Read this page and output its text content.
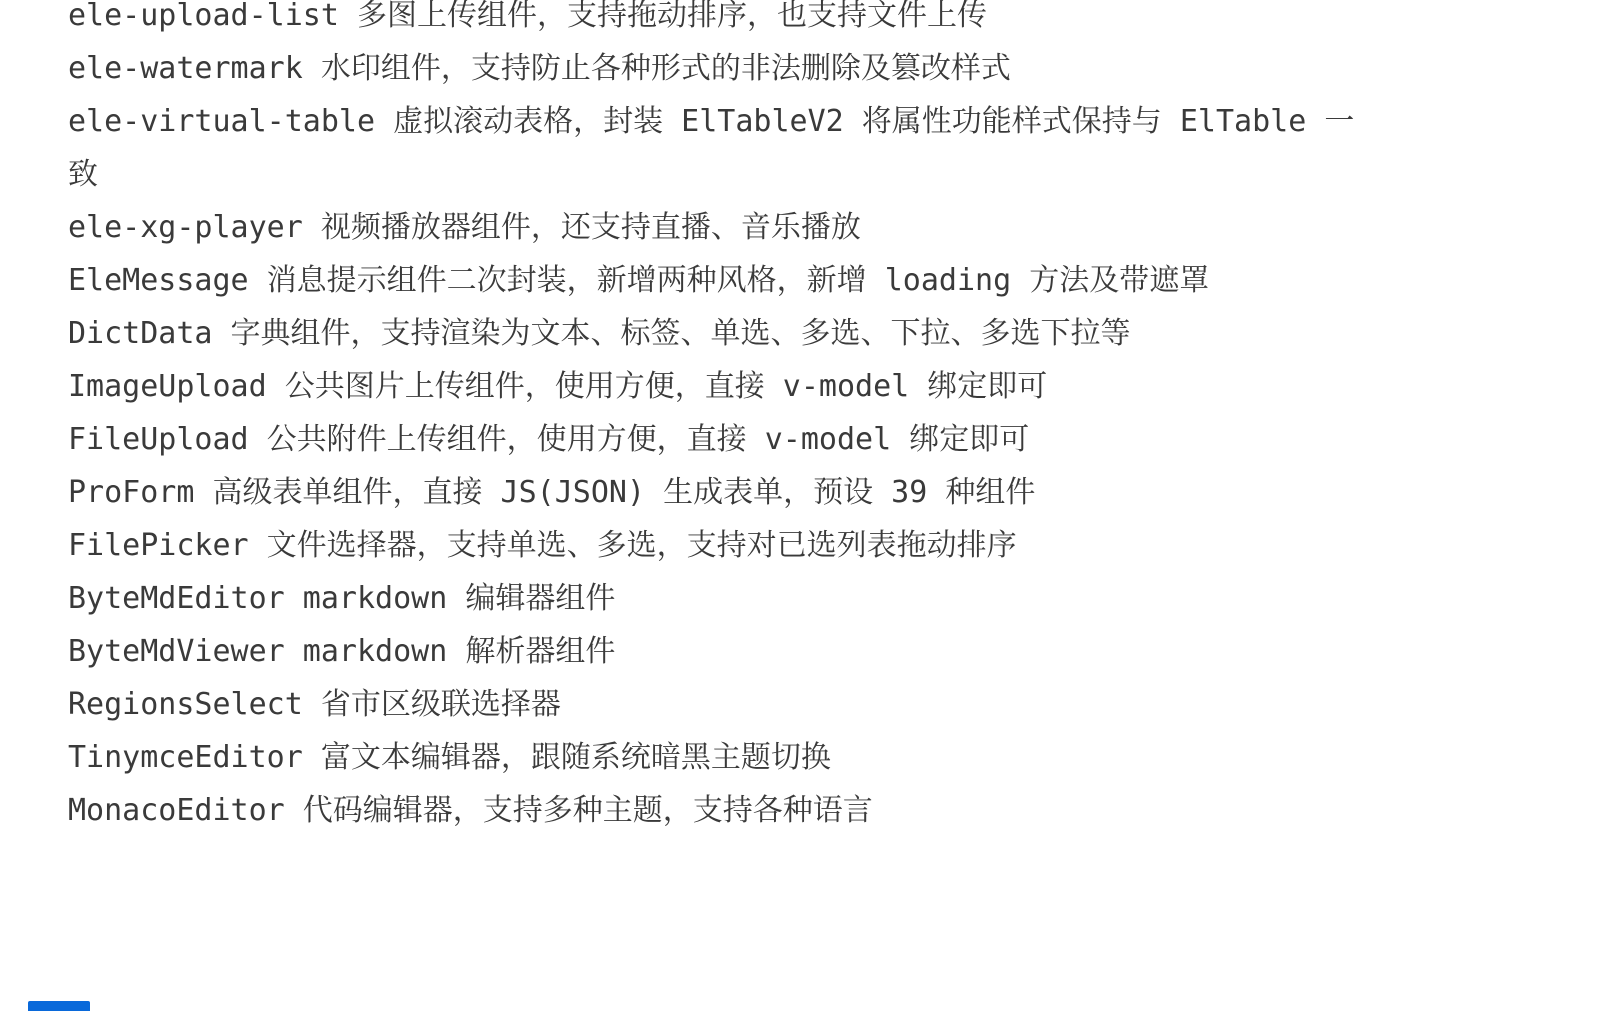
ele-upload-list 多图上传组件，支持拖动排序，也支持文件上传
ele-watermark 水印组件，支持防止各种形式的非法删除及篡改样式
ele-virtual-table 虚拟滚动表格，封装 ElTableV2 将属性功能样式保持与 ElTable 一
致
ele-xg-player 视频播放器组件，还支持直播、音乐播放
EleMessage 消息提示组件二次封装，新增两种风格，新增 loading 方法及带遮罩
DictData 字典组件，支持渲染为文本、标签、单选、多选、下拉、多选下拉等
ImageUpload 公共图片上传组件，使用方便，直接 v-model 绑定即可
FileUpload 公共附件上传组件，使用方便，直接 v-model 绑定即可
ProForm 高级表单组件，直接 JS(JSON) 生成表单，预设 39 种组件
FilePicker 文件选择器，支持单选、多选，支持对已选列表拖动排序
ByteMdEditor markdown 编辑器组件
ByteMdViewer markdown 解析器组件
RegionsSelect 省市区级联选择器
TinymceEditor 富文本编辑器，跟随系统暗黑主题切换
MonacoEditor 代码编辑器，支持多种主题，支持各种语言
